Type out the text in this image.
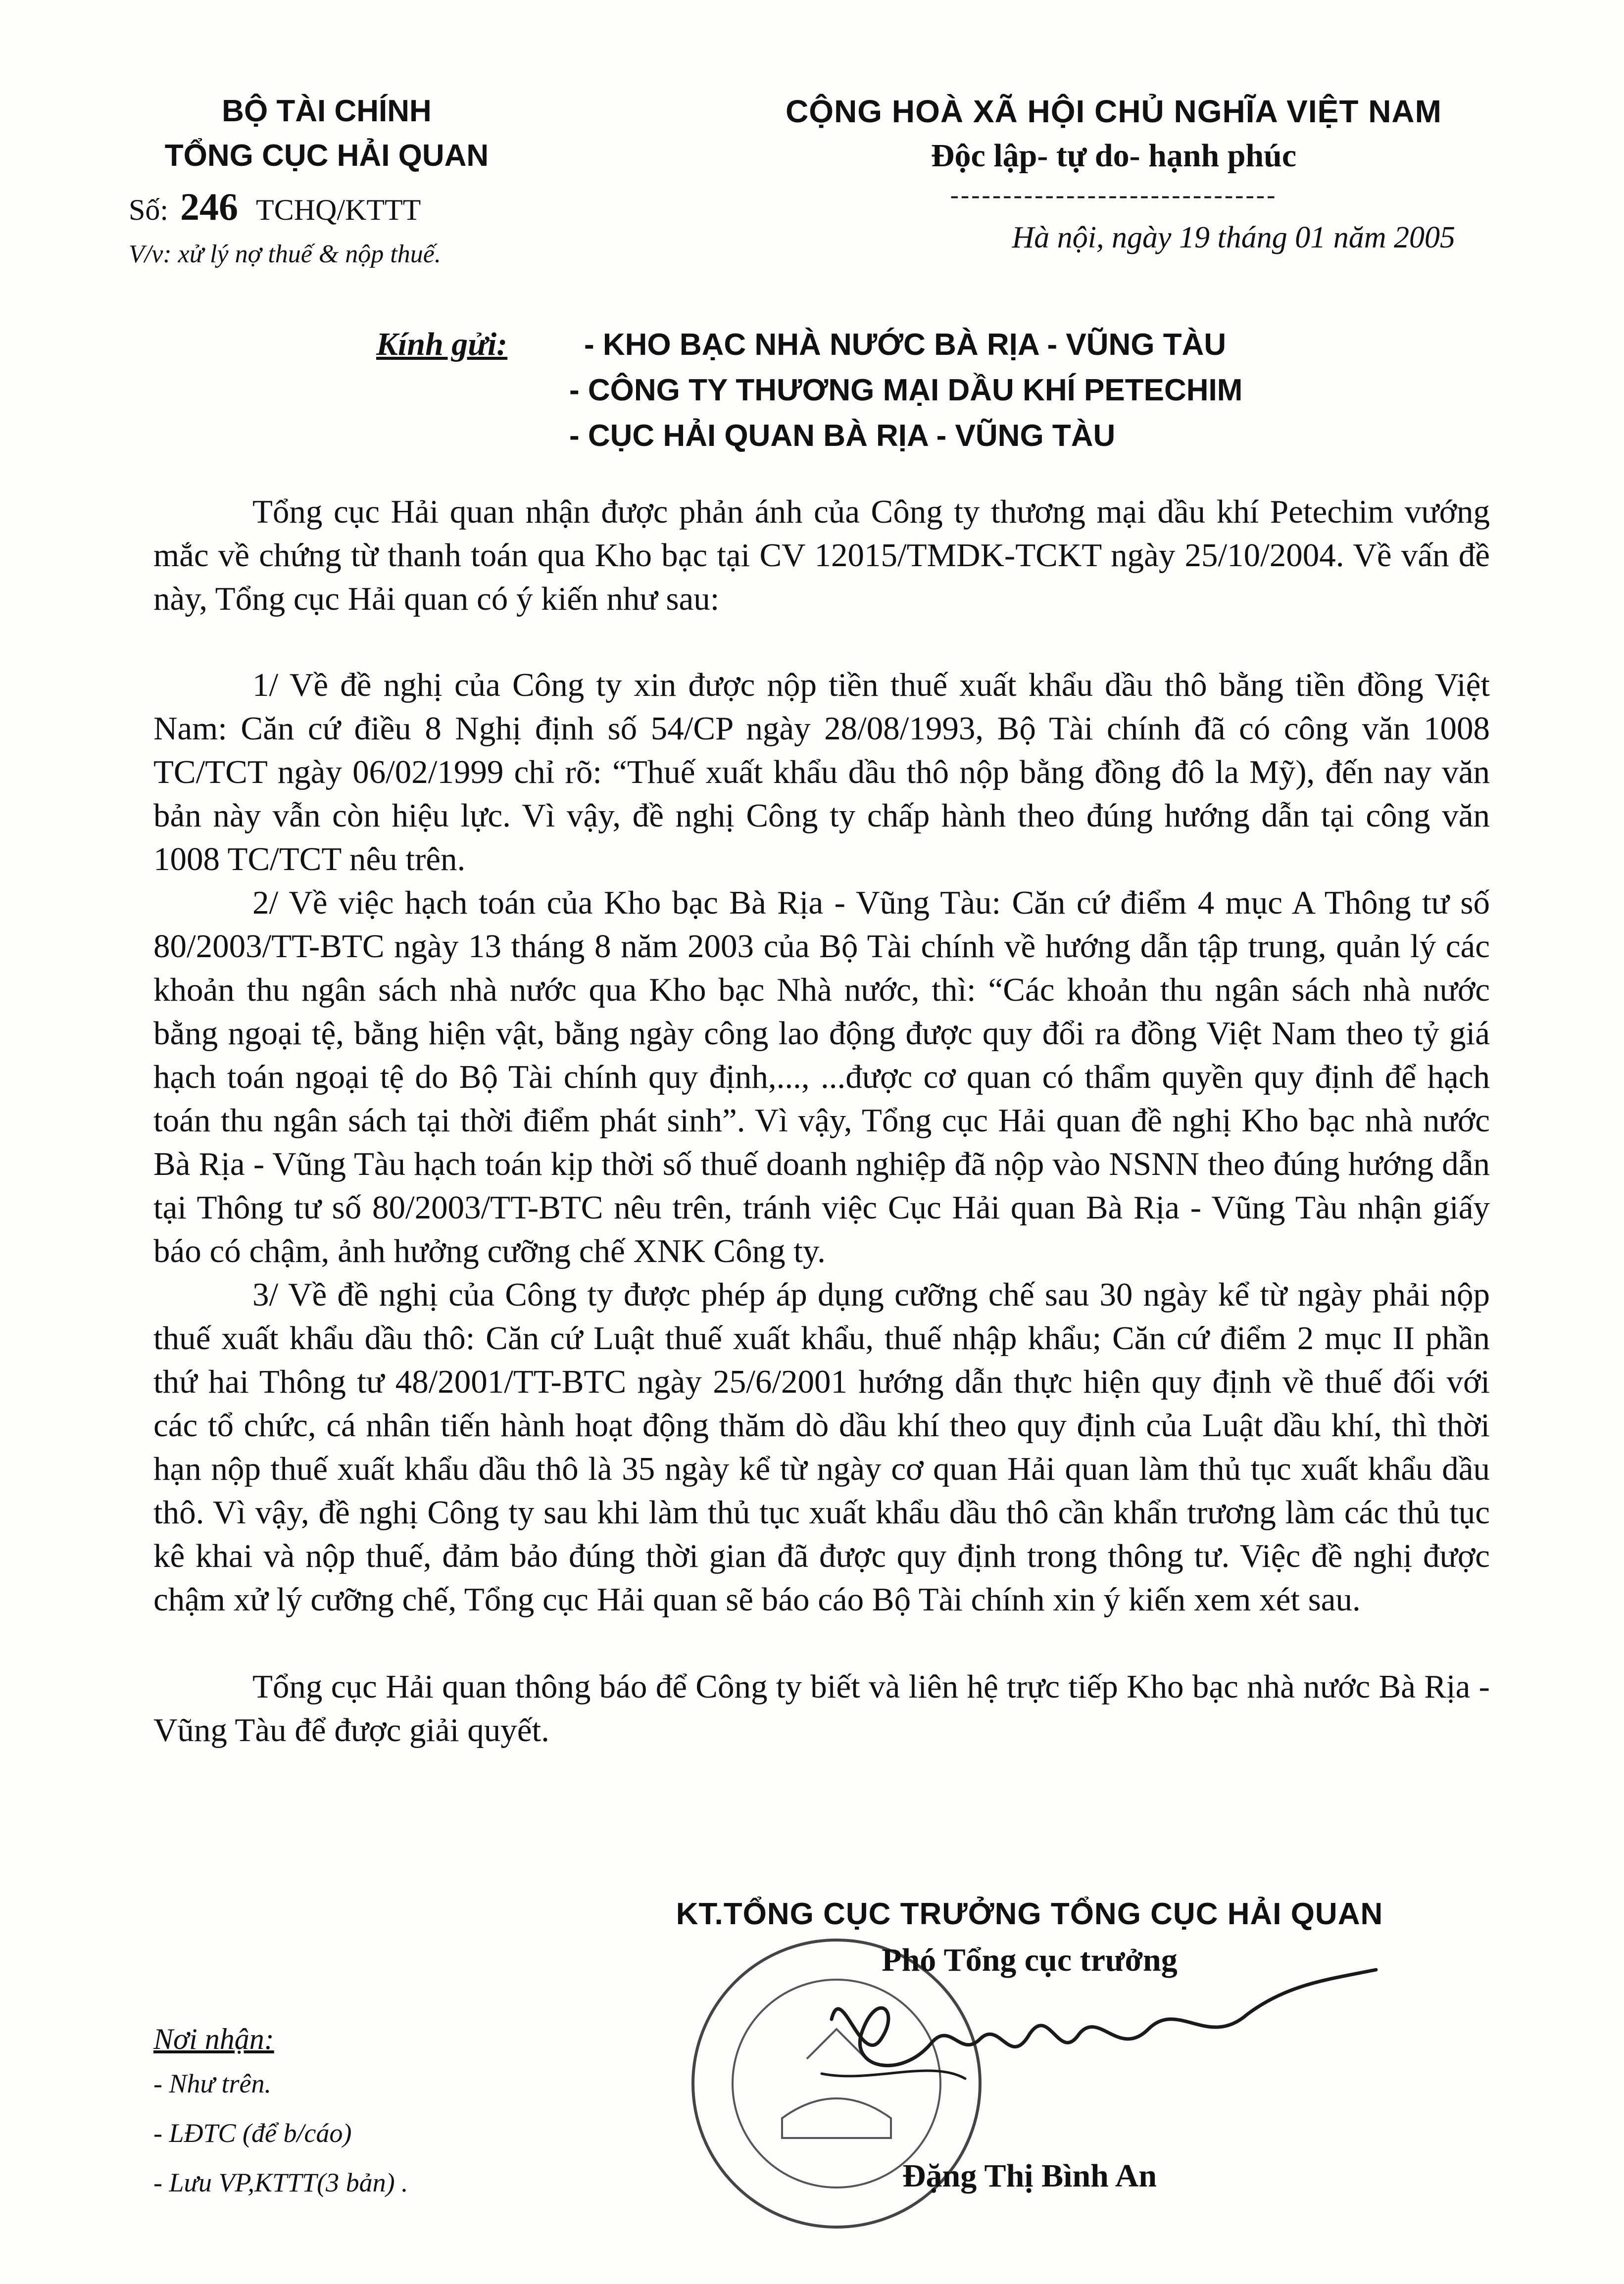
BỘ TÀI CHÍNH
TỔNG CỤC HẢI QUAN
Số: 246 TCHQ/KTTT
V/v: xử lý nợ thuế & nộp thuế.
CỘNG HOÀ XÃ HỘI CHỦ NGHĨA VIỆT NAM
Độc lập- tự do- hạnh phúc
-------------------------------
Hà nội, ngày 19 tháng 01 năm 2005
Kính gửi: - KHO BẠC NHÀ NƯỚC BÀ RỊA - VŨNG TÀU
- CÔNG TY THƯƠNG MẠI DẦU KHÍ PETECHIM
- CỤC HẢI QUAN BÀ RỊA - VŨNG TÀU

Tổng cục Hải quan nhận được phản ánh của Công ty thương mại dầu khí Petechim vướng mắc về chứng từ thanh toán qua Kho bạc tại CV 12015/TMDK-TCKT ngày 25/10/2004. Về vấn đề này, Tổng cục Hải quan có ý kiến như sau:

1/ Về đề nghị của Công ty xin được nộp tiền thuế xuất khẩu dầu thô bằng tiền đồng Việt Nam: Căn cứ điều 8 Nghị định số 54/CP ngày 28/08/1993, Bộ Tài chính đã có công văn 1008 TC/TCT ngày 06/02/1999 chỉ rõ: “Thuế xuất khẩu dầu thô nộp bằng đồng đô la Mỹ), đến nay văn bản này vẫn còn hiệu lực. Vì vậy, đề nghị Công ty chấp hành theo đúng hướng dẫn tại công văn 1008 TC/TCT nêu trên.

2/ Về việc hạch toán của Kho bạc Bà Rịa - Vũng Tàu: Căn cứ điểm 4 mục A Thông tư số 80/2003/TT-BTC ngày 13 tháng 8 năm 2003 của Bộ Tài chính về hướng dẫn tập trung, quản lý các khoản thu ngân sách nhà nước qua Kho bạc Nhà nước, thì: “Các khoản thu ngân sách nhà nước bằng ngoại tệ, bằng hiện vật, bằng ngày công lao động được quy đổi ra đồng Việt Nam theo tỷ giá hạch toán ngoại tệ do Bộ Tài chính quy định,..., ...được cơ quan có thẩm quyền quy định để hạch toán thu ngân sách tại thời điểm phát sinh”. Vì vậy, Tổng cục Hải quan đề nghị Kho bạc nhà nước Bà Rịa - Vũng Tàu hạch toán kịp thời số thuế doanh nghiệp đã nộp vào NSNN theo đúng hướng dẫn tại Thông tư số 80/2003/TT-BTC nêu trên, tránh việc Cục Hải quan Bà Rịa - Vũng Tàu nhận giấy báo có chậm, ảnh hưởng cưỡng chế XNK Công ty.

3/ Về đề nghị của Công ty được phép áp dụng cưỡng chế sau 30 ngày kể từ ngày phải nộp thuế xuất khẩu dầu thô: Căn cứ Luật thuế xuất khẩu, thuế nhập khẩu; Căn cứ điểm 2 mục II phần thứ hai Thông tư 48/2001/TT-BTC ngày 25/6/2001 hướng dẫn thực hiện quy định về thuế đối với các tổ chức, cá nhân tiến hành hoạt động thăm dò dầu khí theo quy định của Luật dầu khí, thì thời hạn nộp thuế xuất khẩu dầu thô là 35 ngày kể từ ngày cơ quan Hải quan làm thủ tục xuất khẩu dầu thô. Vì vậy, đề nghị Công ty sau khi làm thủ tục xuất khẩu dầu thô cần khẩn trương làm các thủ tục kê khai và nộp thuế, đảm bảo đúng thời gian đã được quy định trong thông tư. Việc đề nghị được chậm xử lý cưỡng chế, Tổng cục Hải quan sẽ báo cáo Bộ Tài chính xin ý kiến xem xét sau.

Tổng cục Hải quan thông báo để Công ty biết và liên hệ trực tiếp Kho bạc nhà nước Bà Rịa - Vũng Tàu để được giải quyết.

KT.TỔNG CỤC TRƯỞNG TỔNG CỤC HẢI QUAN
Phó Tổng cục trưởng
Đặng Thị Bình An
Nơi nhận:
- Như trên.
- LĐTC (để b/cáo)
- Lưu VP,KTTT(3 bản) .
